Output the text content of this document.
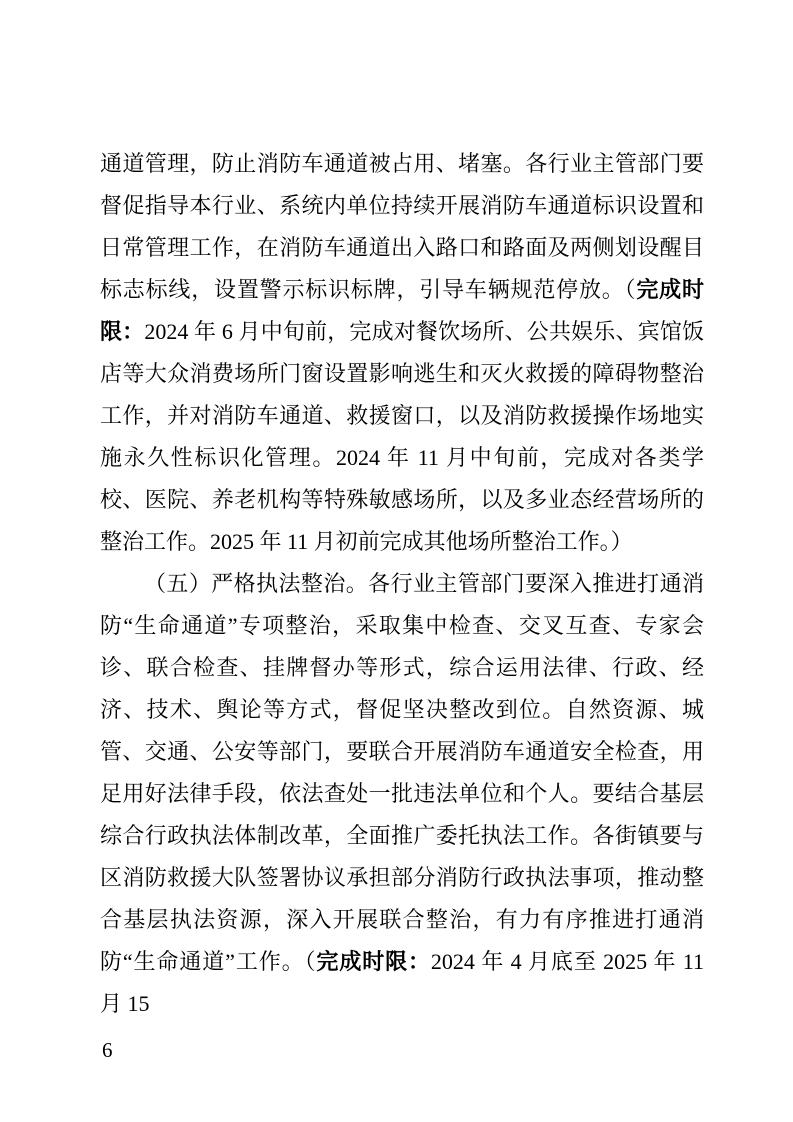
通道管理，防止消防车通道被占用、堵塞。各行业主管部门要督促指导本行业、系统内单位持续开展消防车通道标识设置和日常管理工作，在消防车通道出入路口和路面及两侧划设醒目标志标线，设置警示标识标牌，引导车辆规范停放。（完成时限：2024 年 6 月中旬前，完成对餐饮场所、公共娱乐、宾馆饭店等大众消费场所门窗设置影响逃生和灭火救援的障碍物整治工作，并对消防车通道、救援窗口，以及消防救援操作场地实施永久性标识化管理。2024 年 11 月中旬前，完成对各类学校、医院、养老机构等特殊敏感场所，以及多业态经营场所的整治工作。2025 年 11 月初前完成其他场所整治工作。）

（五）严格执法整治。各行业主管部门要深入推进打通消防“生命通道”专项整治，采取集中检查、交叉互查、专家会诊、联合检查、挂牌督办等形式，综合运用法律、行政、经济、技术、舆论等方式，督促坚决整改到位。自然资源、城管、交通、公安等部门，要联合开展消防车通道安全检查，用足用好法律手段，依法查处一批违法单位和个人。要结合基层综合行政执法体制改革，全面推广委托执法工作。各街镇要与区消防救援大队签署协议承担部分消防行政执法事项，推动整合基层执法资源，深入开展联合整治，有力有序推进打通消防“生命通道”工作。（完成时限：2024 年 4 月底至 2025 年 11 月 15

6
